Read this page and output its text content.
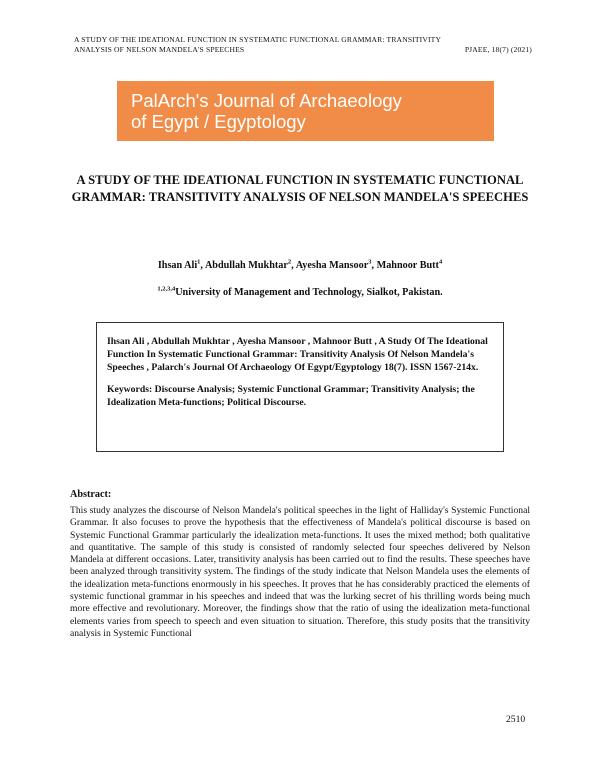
A STUDY OF THE IDEATIONAL FUNCTION IN SYSTEMATIC FUNCTIONAL GRAMMAR: TRANSITIVITY
ANALYSIS OF NELSON MANDELA'S SPEECHES	PJAEE, 18(7) (2021)
PalArch's Journal of Archaeology
of Egypt / Egyptology
A STUDY OF THE IDEATIONAL FUNCTION IN SYSTEMATIC FUNCTIONAL GRAMMAR: TRANSITIVITY ANALYSIS OF NELSON MANDELA'S SPEECHES
Ihsan Ali$^1$, Abdullah Mukhtar$^2$, Ayesha Mansoor$^3$, Mahnoor Butt$^4$
$^{1,2,3,4}$University of Management and Technology, Sialkot, Pakistan.

Ihsan Ali , Abdullah Mukhtar , Ayesha Mansoor , Mahnoor Butt , A Study Of The Ideational Function In Systematic Functional Grammar: Transitivity Analysis Of Nelson Mandela's Speeches , Palarch's Journal Of Archaeology Of Egypt/Egyptology 18(7). ISSN 1567-214x.

Keywords: Discourse Analysis; Systemic Functional Grammar; Transitivity Analysis; the Idealization Meta-functions; Political Discourse.

Abstract:

This study analyzes the discourse of Nelson Mandela's political speeches in the light of Halliday's Systemic Functional Grammar. It also focuses to prove the hypothesis that the effectiveness of Mandela's political discourse is based on Systemic Functional Grammar particularly the idealization meta-functions. It uses the mixed method; both qualitative and quantitative. The sample of this study is consisted of randomly selected four speeches delivered by Nelson Mandela at different occasions. Later, transitivity analysis has been carried out to find the results. These speeches have been analyzed through transitivity system. The findings of the study indicate that Nelson Mandela uses the elements of the idealization meta-functions enormously in his speeches. It proves that he has considerably practiced the elements of systemic functional grammar in his speeches and indeed that was the lurking secret of his thrilling words being much more effective and revolutionary. Moreover, the findings show that the ratio of using the idealization meta-functional elements varies from speech to speech and even situation to situation. Therefore, this study posits that the transitivity analysis in Systemic Functional

2510
